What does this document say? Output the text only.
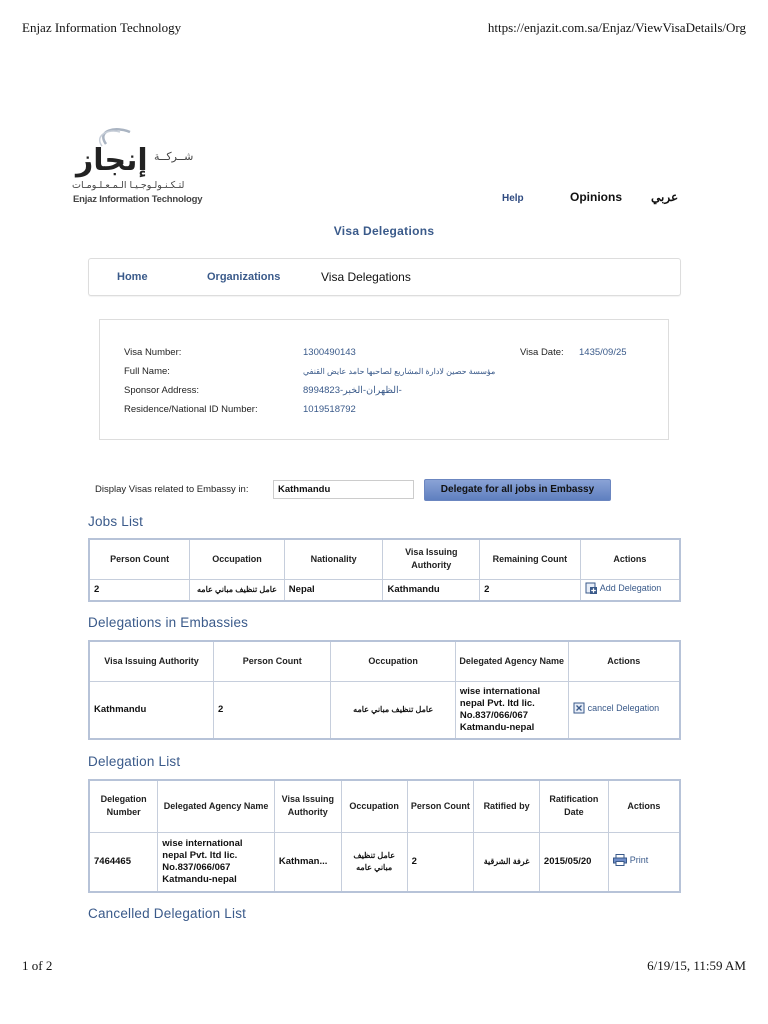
Enjaz Information Technology	https://enjazit.com.sa/Enjaz/ViewVisaDetails/Org
إنجاز شــركــة
لتـكـنـولـوجـيـا الـمـعـلـومـات
Enjaz Information Technology	Help	Opinions عربي
Visa Delegations
Home	Organizations	Visa Delegations
Visa Number:	1300490143	Visa Date: 1435/09/25
Full Name:	مؤسسة حصين لادارة المشاريع لصاحبها حامد عايض القنفي
Sponsor Address:	8994823-الظهران-الخبر-
Residence/National ID Number:	1019518792
Display Visas related to Embassy in:
Kathmandu	Delegate for all jobs in Embassy
Jobs List
Person Count	Occupation	Nationality	Visa Issuing Authority	Remaining Count	Actions
2	عامل تنظيف مباني عامه	Nepal	Kathmandu	2	Add Delegation
Delegations in Embassies
Visa Issuing Authority	Person Count	Occupation	Delegated Agency Name	Actions
Kathmandu	2	عامل تنظيف مباني عامه	wise international nepal Pvt. ltd lic. No.837/066/067 Katmandu-nepal	cancel Delegation
Delegation List
Delegation Number	Delegated Agency Name	Visa Issuing Authority	Occupation	Person Count	Ratified by	Ratification Date	Actions
7464465	wise international nepal Pvt. ltd lic. No.837/066/067 Katmandu-nepal	Kathman...	عامل تنظيف مباني عامه	2	غرفة الشرقية	2015/05/20	Print
Cancelled Delegation List
1 of 2	6/19/15, 11:59 AM
